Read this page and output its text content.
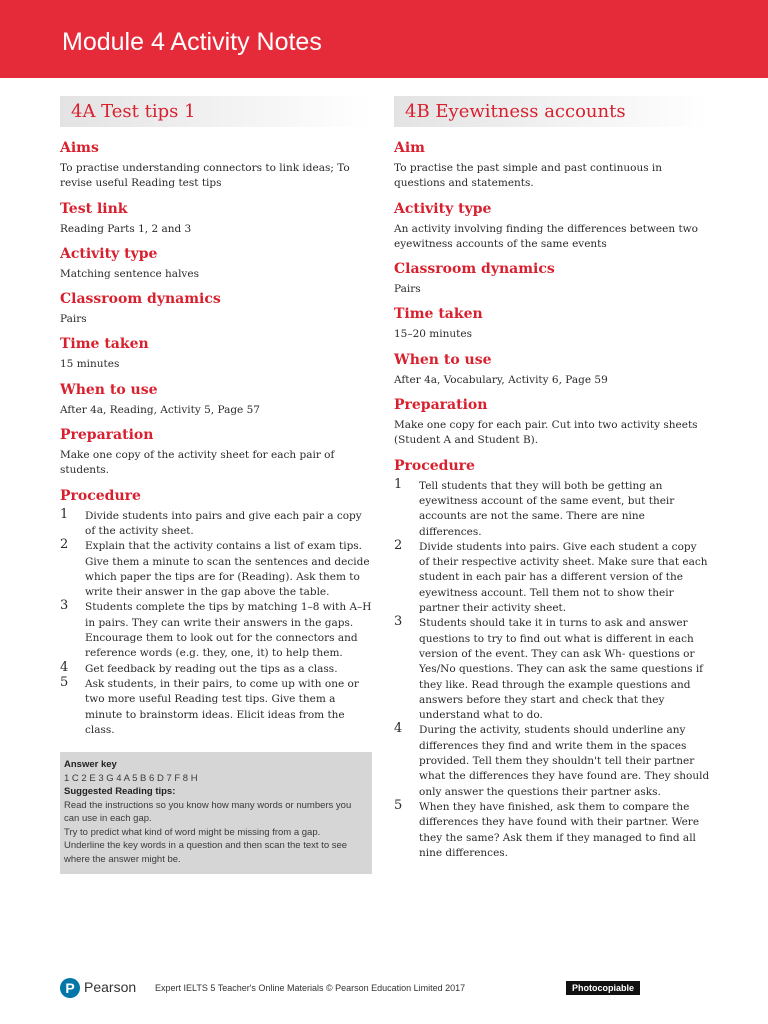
Module 4 Activity Notes
4A Test tips 1
Aims

To practise understanding connectors to link ideas; To revise useful Reading test tips

Test link

Reading Parts 1, 2 and 3

Activity type

Matching sentence halves

Classroom dynamics

Pairs

Time taken

15 minutes

When to use

After 4a, Reading, Activity 5, Page 57

Preparation

Make one copy of the activity sheet for each pair of students.

Procedure
1 Divide students into pairs and give each pair a copy of the activity sheet.
2 Explain that the activity contains a list of exam tips. Give them a minute to scan the sentences and decide which paper the tips are for (Reading). Ask them to write their answer in the gap above the table.
3 Students complete the tips by matching 1–8 with A–H in pairs. They can write their answers in the gaps. Encourage them to look out for the connectors and reference words (e.g. they, one, it) to help them.
4 Get feedback by reading out the tips as a class.
5 Ask students, in their pairs, to come up with one or two more useful Reading test tips. Give them a minute to brainstorm ideas. Elicit ideas from the class.
Answer key
1 C 2 E 3 G 4 A 5 B 6 D 7 F 8 H
Suggested Reading tips:
Read the instructions so you know how many words or numbers you can use in each gap.
Try to predict what kind of word might be missing from a gap.
Underline the key words in a question and then scan the text to see where the answer might be.
4B Eyewitness accounts
Aim

To practise the past simple and past continuous in questions and statements.

Activity type

An activity involving finding the differences between two eyewitness accounts of the same events

Classroom dynamics

Pairs

Time taken

15–20 minutes

When to use

After 4a, Vocabulary, Activity 6, Page 59

Preparation

Make one copy for each pair. Cut into two activity sheets (Student A and Student B).

Procedure
1 Tell students that they will both be getting an eyewitness account of the same event, but their accounts are not the same. There are nine differences.
2 Divide students into pairs. Give each student a copy of their respective activity sheet. Make sure that each student in each pair has a different version of the eyewitness account. Tell them not to show their partner their activity sheet.
3 Students should take it in turns to ask and answer questions to try to find out what is different in each version of the event. They can ask Wh- questions or Yes/No questions. They can ask the same questions if they like. Read through the example questions and answers before they start and check that they understand what to do.
4 During the activity, students should underline any differences they find and write them in the spaces provided. Tell them they shouldn't tell their partner what the differences they have found are. They should only answer the questions their partner asks.
5 When they have finished, ask them to compare the differences they have found with their partner. Were they the same? Ask them if they managed to find all nine differences.
P Pearson Expert IELTS 5 Teacher's Online Materials © Pearson Education Limited 2017	Photocopiable
